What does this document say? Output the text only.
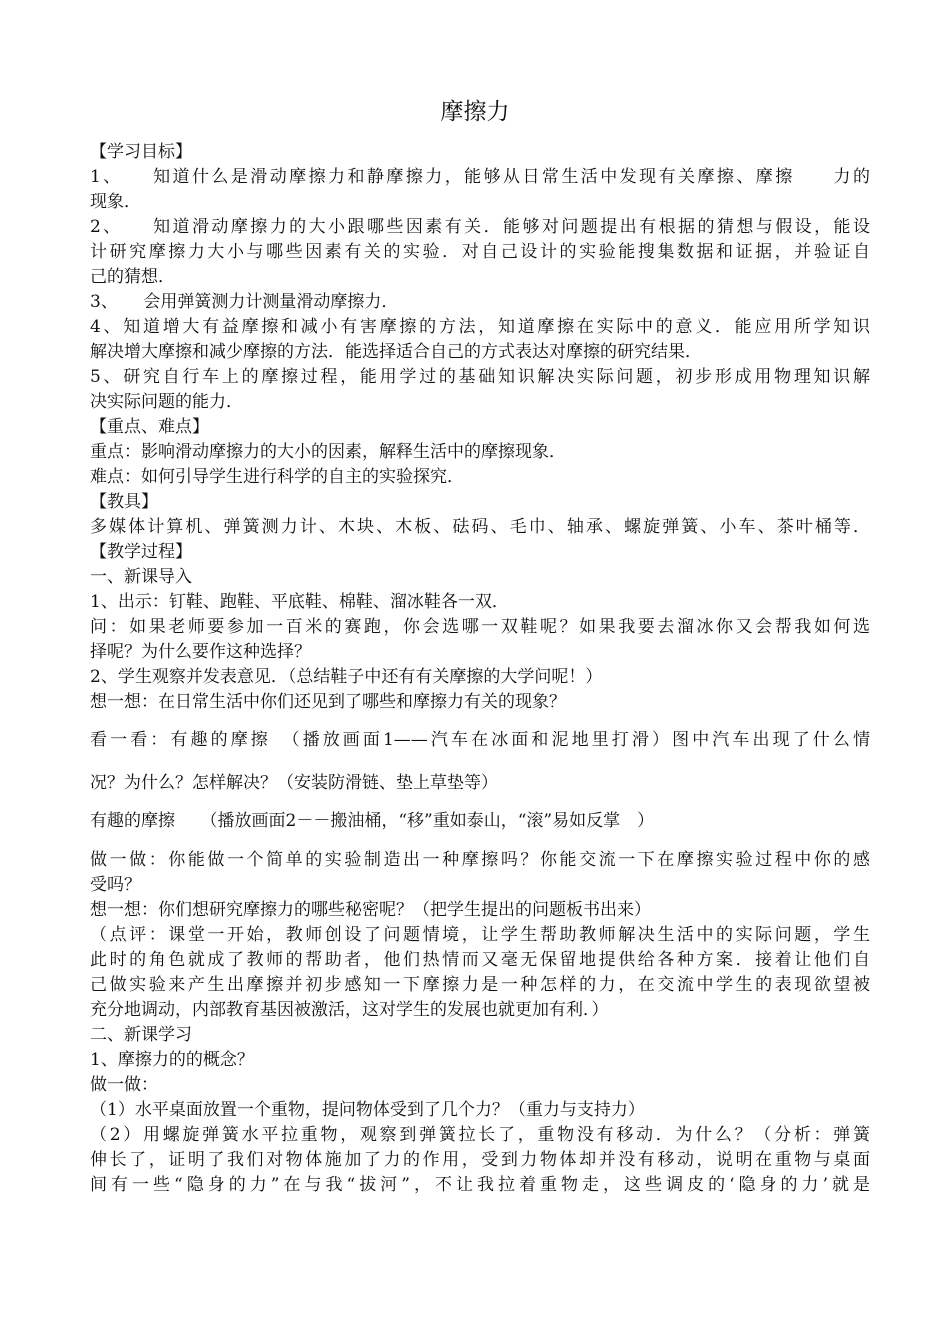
摩擦力
【学习目标】
1、　　知道什么是滑动摩擦力和静摩擦力，能够从日常生活中发现有关摩擦、摩擦　　力的
现象．
2、　　知道滑动摩擦力的大小跟哪些因素有关．能够对问题提出有根据的猜想与假设，能设
计研究摩擦力大小与哪些因素有关的实验．对自己设计的实验能搜集数据和证据，并验证自
己的猜想．
3、　　会用弹簧测力计测量滑动摩擦力．
4、知道增大有益摩擦和减小有害摩擦的方法，知道摩擦在实际中的意义．能应用所学知识
解决增大摩擦和减少摩擦的方法．能选择适合自己的方式表达对摩擦的研究结果．
5、研究自行车上的摩擦过程，能用学过的基础知识解决实际问题，初步形成用物理知识解
决实际问题的能力．
【重点、难点】
重点：影响滑动摩擦力的大小的因素，解释生活中的摩擦现象．
难点：如何引导学生进行科学的自主的实验探究．
【教具】
多媒体计算机、弹簧测力计、木块、木板、砝码、毛巾、轴承、螺旋弹簧、小车、茶叶桶等．
【教学过程】
一、新课导入
1、出示：钉鞋、跑鞋、平底鞋、棉鞋、溜冰鞋各一双．
问：如果老师要参加一百米的赛跑，你会选哪一双鞋呢？如果我要去溜冰你又会帮我如何选
择呢？为什么要作这种选择？
2、学生观察并发表意见．（总结鞋子中还有有关摩擦的大学问呢！）
想一想：在日常生活中你们还见到了哪些和摩擦力有关的现象？
看一看：有趣的摩擦　（播放画面1——汽车在冰面和泥地里打滑）图中汽车出现了什么情
况？为什么？怎样解决？（安装防滑链、垫上草垫等）
有趣的摩擦　　（播放画面2－－搬油桶，“移”重如泰山，“滚”易如反掌　）
做一做：你能做一个简单的实验制造出一种摩擦吗？你能交流一下在摩擦实验过程中你的感
受吗？
想一想：你们想研究摩擦力的哪些秘密呢？（把学生提出的问题板书出来）
（点评：课堂一开始，教师创设了问题情境，让学生帮助教师解决生活中的实际问题，学生
此时的角色就成了教师的帮助者，他们热情而又毫无保留地提供给各种方案．接着让他们自
己做实验来产生出摩擦并初步感知一下摩擦力是一种怎样的力，在交流中学生的表现欲望被
充分地调动，内部教育基因被激活，这对学生的发展也就更加有利．）
二、新课学习
1、摩擦力的的概念？
做一做：
（1）水平桌面放置一个重物，提问物体受到了几个力？（重力与支持力）
（2）用螺旋弹簧水平拉重物，观察到弹簧拉长了，重物没有移动．为什么？（分析：弹簧
伸长了，证明了我们对物体施加了力的作用，受到力物体却并没有移动，说明在重物与桌面
间有一些“隐身的力”在与我“拔河”，不让我拉着重物走，这些调皮的‘隐身的力’就是
